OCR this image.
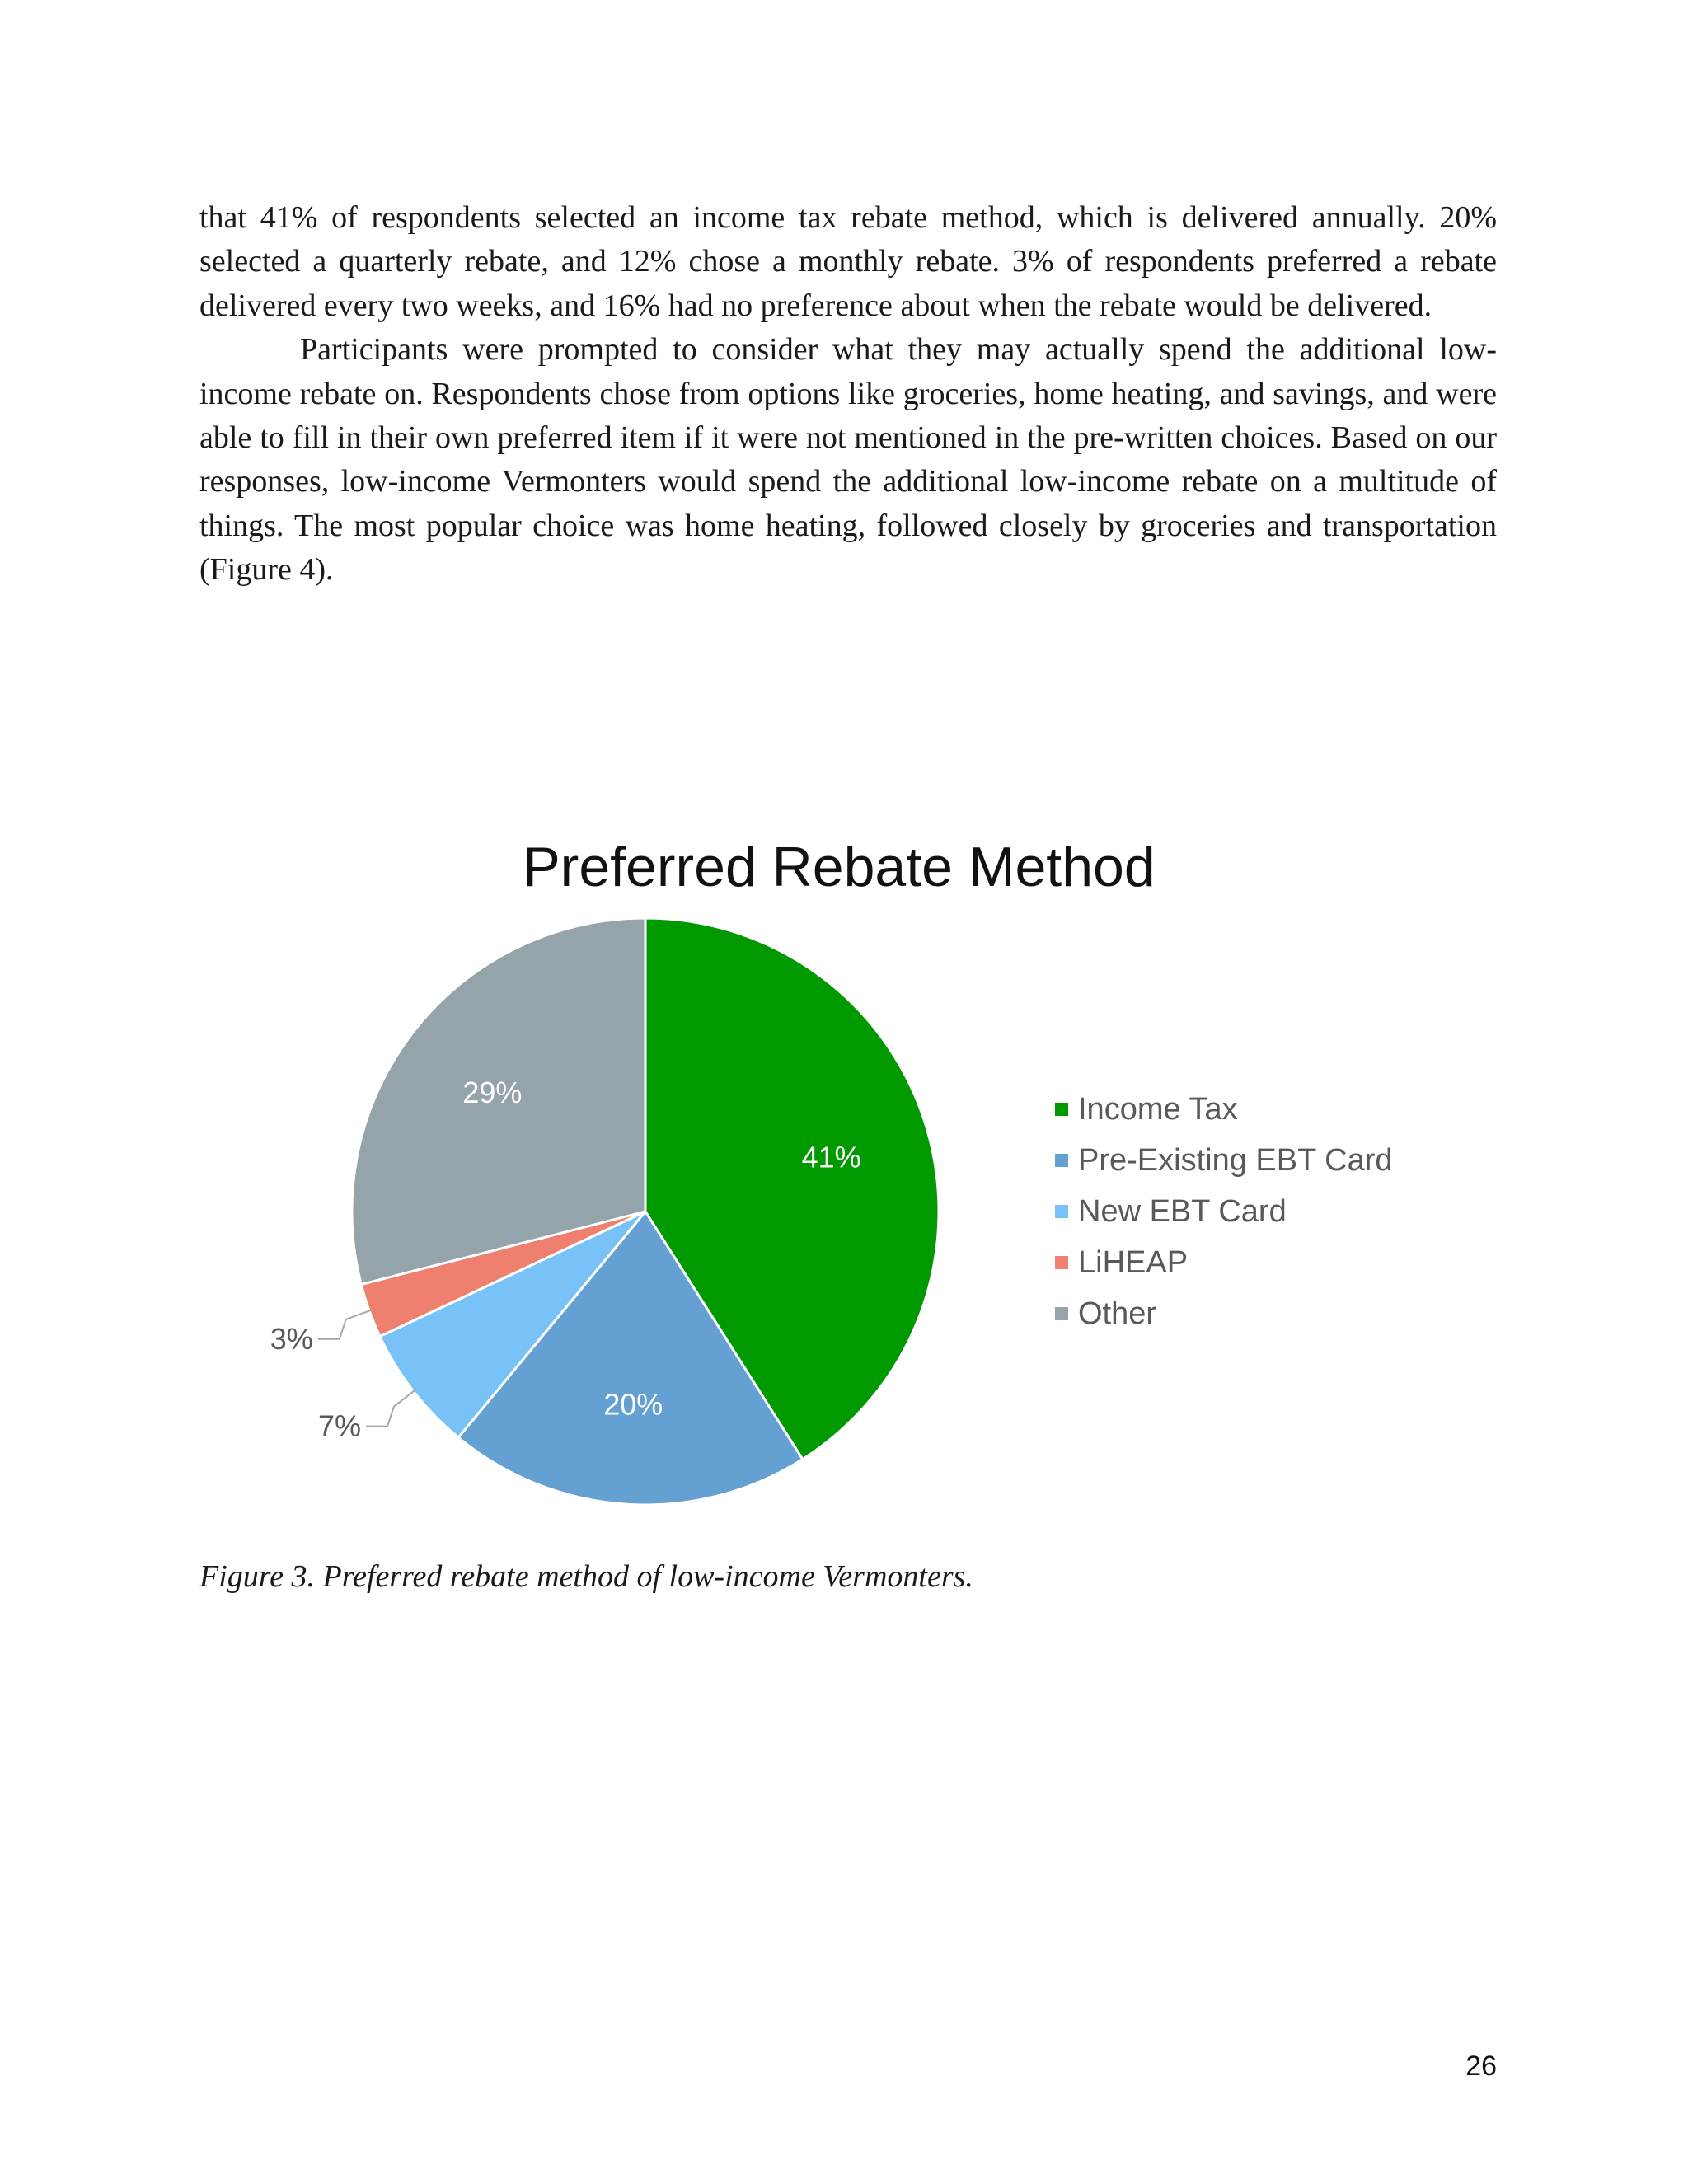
that 41% of respondents selected an income tax rebate method, which is delivered annually. 20% selected a quarterly rebate, and 12% chose a monthly rebate. 3% of respondents preferred a rebate delivered every two weeks, and 16% had no preference about when the rebate would be delivered.

Participants were prompted to consider what they may actually spend the additional low-income rebate on. Respondents chose from options like groceries, home heating, and savings, and were able to fill in their own preferred item if it were not mentioned in the pre-written choices. Based on our responses, low-income Vermonters would spend the additional low-income rebate on a multitude of things. The most popular choice was home heating, followed closely by groceries and transportation (Figure 4).

Preferred Rebate Method
41%
20%
7%
3%
29%	Income Tax
Pre-Existing EBT Card
New EBT Card
LiHEAP
Other
Figure 3. Preferred rebate method of low-income Vermonters.
26
